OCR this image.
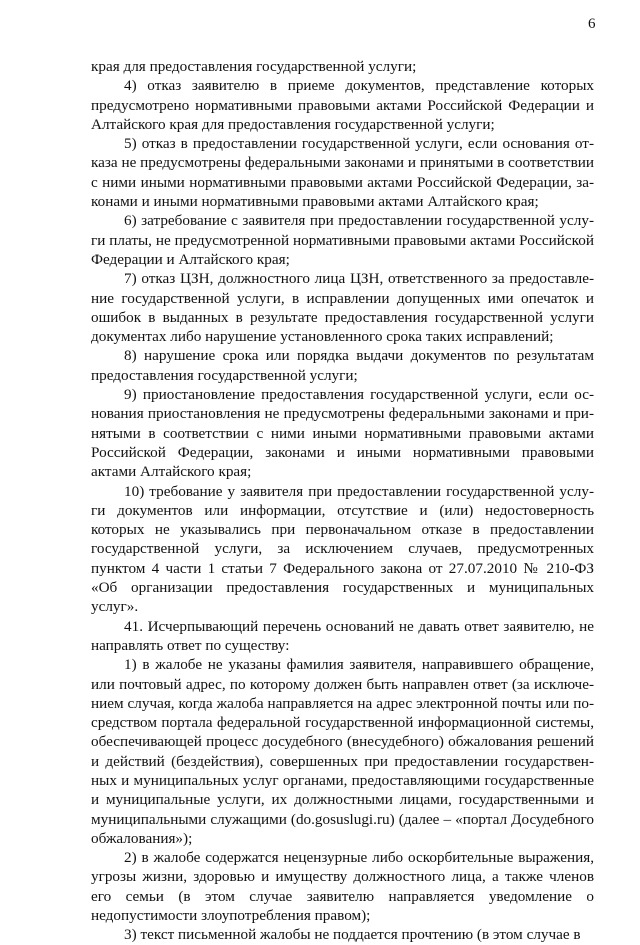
6

края для предоставления государственной услуги;

4) отказ заявителю в приеме документов, представление которых предусмотрено нормативными правовыми актами Российской Федерации и Алтайского края для предоставления государственной услуги;

5) отказ в предоставлении государственной услуги, если основания отказа не предусмотрены федеральными законами и принятыми в соответствии с ними иными нормативными правовыми актами Российской Федерации, законами и иными нормативными правовыми актами Алтайского края;

6) затребование с заявителя при предоставлении государственной услуги платы, не предусмотренной нормативными правовыми актами Российской Федерации и Алтайского края;

7) отказ ЦЗН, должностного лица ЦЗН, ответственного за предоставление государственной услуги, в исправлении допущенных ими опечаток и ошибок в выданных в результате предоставления государственной услуги документах либо нарушение установленного срока таких исправлений;

8) нарушение срока или порядка выдачи документов по результатам предоставления государственной услуги;

9) приостановление предоставления государственной услуги, если основания приостановления не предусмотрены федеральными законами и принятыми в соответствии с ними иными нормативными правовыми актами Российской Федерации, законами и иными нормативными правовыми актами Алтайского края;

10) требование у заявителя при предоставлении государственной услуги документов или информации, отсутствие и (или) недостоверность которых не указывались при первоначальном отказе в предоставлении государственной услуги, за исключением случаев, предусмотренных пунктом 4 части 1 статьи 7 Федерального закона от 27.07.2010 № 210-ФЗ «Об организации предоставления государственных и муниципальных услуг».

41. Исчерпывающий перечень оснований не давать ответ заявителю, не направлять ответ по существу:

1) в жалобе не указаны фамилия заявителя, направившего обращение, или почтовый адрес, по которому должен быть направлен ответ (за исключением случая, когда жалоба направляется на адрес электронной почты или посредством портала федеральной государственной информационной системы, обеспечивающей процесс досудебного (внесудебного) обжалования решений и действий (бездействия), совершенных при предоставлении государственных и муниципальных услуг органами, предоставляющими государственные и муниципальные услуги, их должностными лицами, государственными и муниципальными служащими (do.gosuslugi.ru) (далее – «портал Досудебного обжалования»);

2) в жалобе содержатся нецензурные либо оскорбительные выражения, угрозы жизни, здоровью и имуществу должностного лица, а также членов его семьи (в этом случае заявителю направляется уведомление о недопустимости злоупотребления правом);

3) текст письменной жалобы не поддается прочтению (в этом случае в
